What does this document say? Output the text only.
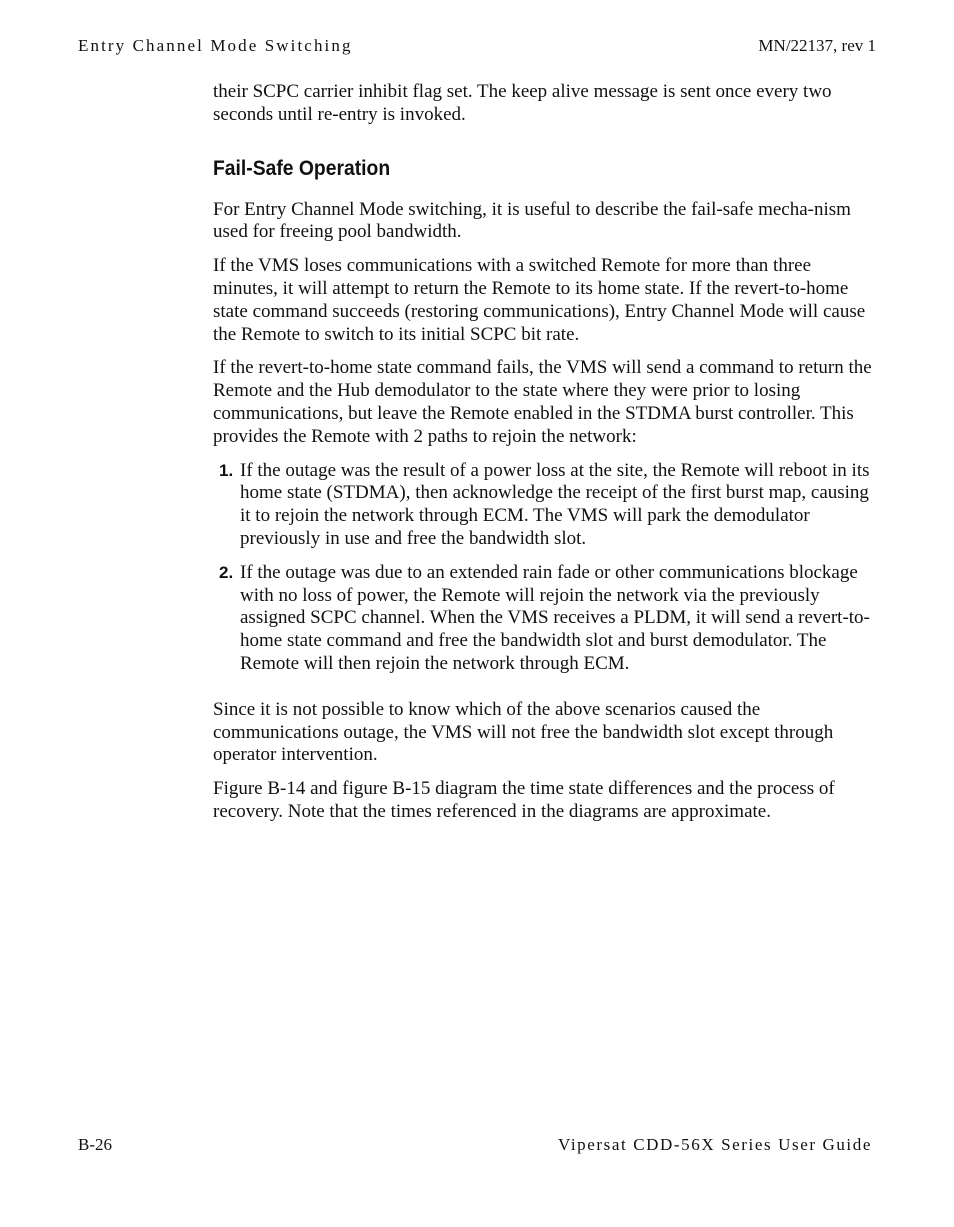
Entry Channel Mode Switching	MN/22137, rev 1

their SCPC carrier inhibit flag set. The keep alive message is sent once every two seconds until re-entry is invoked.

Fail-Safe Operation

For Entry Channel Mode switching, it is useful to describe the fail-safe mecha-nism used for freeing pool bandwidth.

If the VMS loses communications with a switched Remote for more than three minutes, it will attempt to return the Remote to its home state. If the revert-to-home state command succeeds (restoring communications), Entry Channel Mode will cause the Remote to switch to its initial SCPC bit rate.

If the revert-to-home state command fails, the VMS will send a command to return the Remote and the Hub demodulator to the state where they were prior to losing communications, but leave the Remote enabled in the STDMA burst controller. This provides the Remote with 2 paths to rejoin the network:

1. If the outage was the result of a power loss at the site, the Remote will reboot in its home state (STDMA), then acknowledge the receipt of the first burst map, causing it to rejoin the network through ECM. The VMS will park the demodulator previously in use and free the bandwidth slot.
2. If the outage was due to an extended rain fade or other communications blockage with no loss of power, the Remote will rejoin the network via the previously assigned SCPC channel. When the VMS receives a PLDM, it will send a revert-to-home state command and free the bandwidth slot and burst demodulator. The Remote will then rejoin the network through ECM.

Since it is not possible to know which of the above scenarios caused the communications outage, the VMS will not free the bandwidth slot except through operator intervention.

Figure B-14 and figure B-15 diagram the time state differences and the process of recovery. Note that the times referenced in the diagrams are approximate.

B-26	Vipersat CDD-56X Series User Guide
